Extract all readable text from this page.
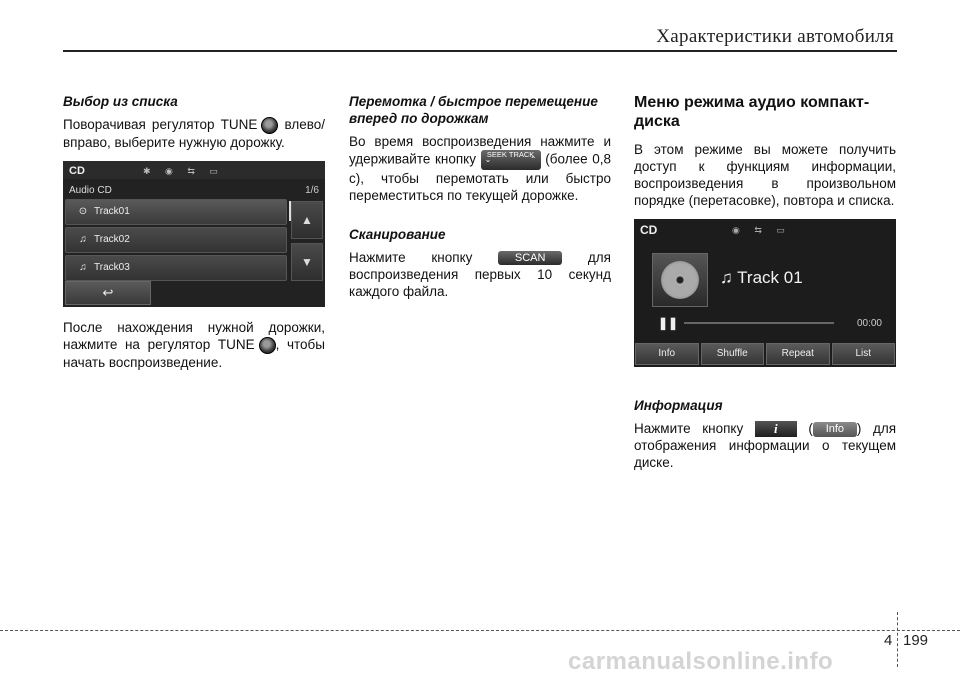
Характеристики автомобиля
Выбор из списка

Поворачивая регулятор TUNE влево/вправо, выберите нужную дорожку.

CD	✱ ◉ ⇆ ▭
Audio CD	1/6
⊙ Track01
♫ Track02
♫ Track03
▲
▼
↩

После нахождения нужной дорожки, нажмите на регулятор TUNE , чтобы начать воспроизведение.

Перемотка / быстрое перемещение вперед по дорожкам

Во время воспроизведения нажмите и удерживайте кнопку ⌄
SEEK TRACK
⌃ (более 0,8 с), чтобы перемотать или быстро переместиться по текущей дорожке.

Сканирование

Нажмите кнопку	SCAN	для воспроизведения первых 10 секунд каждого файла.

Меню режима аудио компакт-диска

В этом режиме вы можете получить доступ к функциям информации, воспроизведения в произвольном порядке (перетасовке), повтора и списка.

CD	◉ ⇆ ▭
♫ Track 01
❚❚	00:00
Info	Shuffle	Repeat	List
Информация

Нажмите кнопку i ( Info ) для отображения информации о текущем диске.

4 199
carmanualsonline.info
